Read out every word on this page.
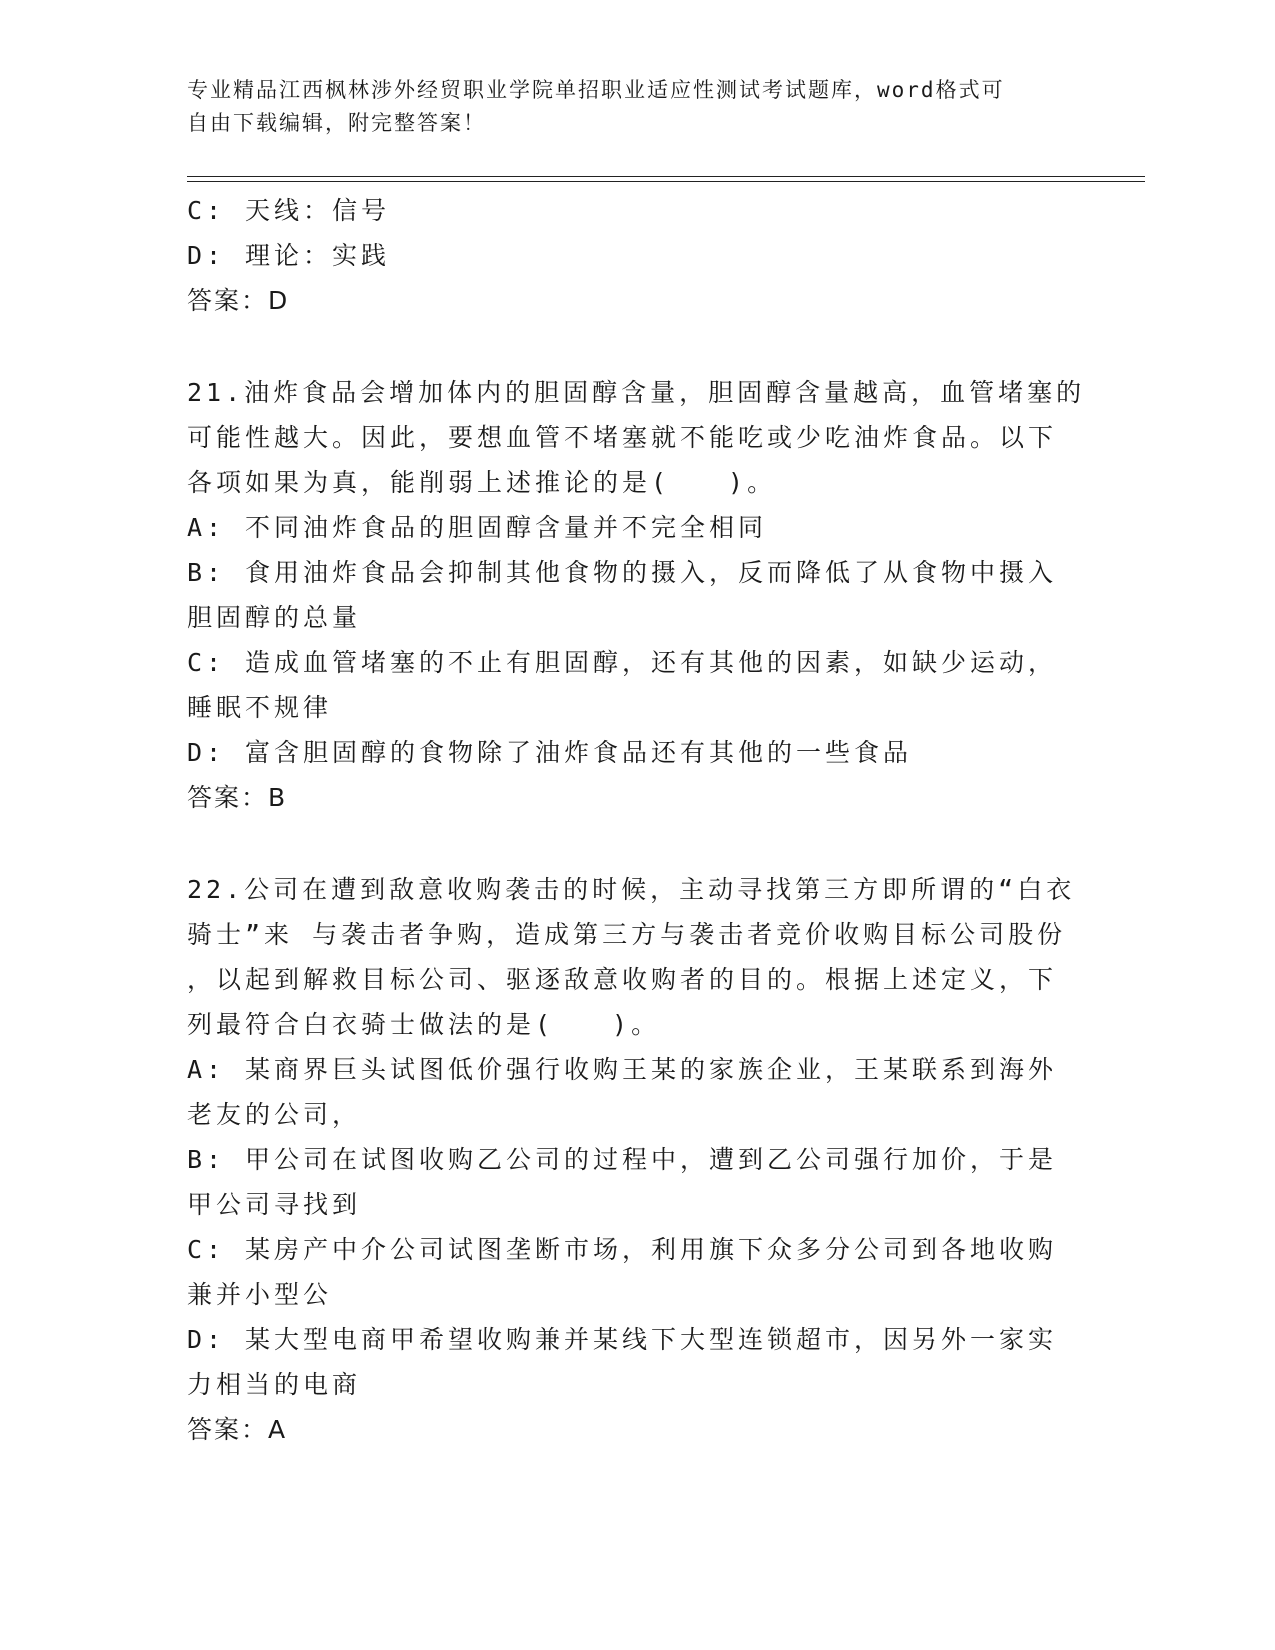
专业精品江西枫林涉外经贸职业学院单招职业适应性测试考试题库，word格式可
自由下载编辑，附完整答案！
C: 天线：信号
D: 理论：实践
答案：D
21.油炸食品会增加体内的胆固醇含量，胆固醇含量越高，血管堵塞的
可能性越大。因此，要想血管不堵塞就不能吃或少吃油炸食品。以下
各项如果为真，能削弱上述推论的是(　　)。
A: 不同油炸食品的胆固醇含量并不完全相同
B: 食用油炸食品会抑制其他食物的摄入，反而降低了从食物中摄入
胆固醇的总量
C: 造成血管堵塞的不止有胆固醇，还有其他的因素，如缺少运动，
睡眠不规律
D: 富含胆固醇的食物除了油炸食品还有其他的一些食品
答案：B
22.公司在遭到敌意收购袭击的时候，主动寻找第三方即所谓的“白衣
骑士”来 与袭击者争购，造成第三方与袭击者竞价收购目标公司股份
，以起到解救目标公司、驱逐敌意收购者的目的。根据上述定义，下
列最符合白衣骑士做法的是(　　)。
A: 某商界巨头试图低价强行收购王某的家族企业，王某联系到海外
老友的公司，
B: 甲公司在试图收购乙公司的过程中，遭到乙公司强行加价，于是
甲公司寻找到
C: 某房产中介公司试图垄断市场，利用旗下众多分公司到各地收购
兼并小型公
D: 某大型电商甲希望收购兼并某线下大型连锁超市，因另外一家实
力相当的电商
答案：A
